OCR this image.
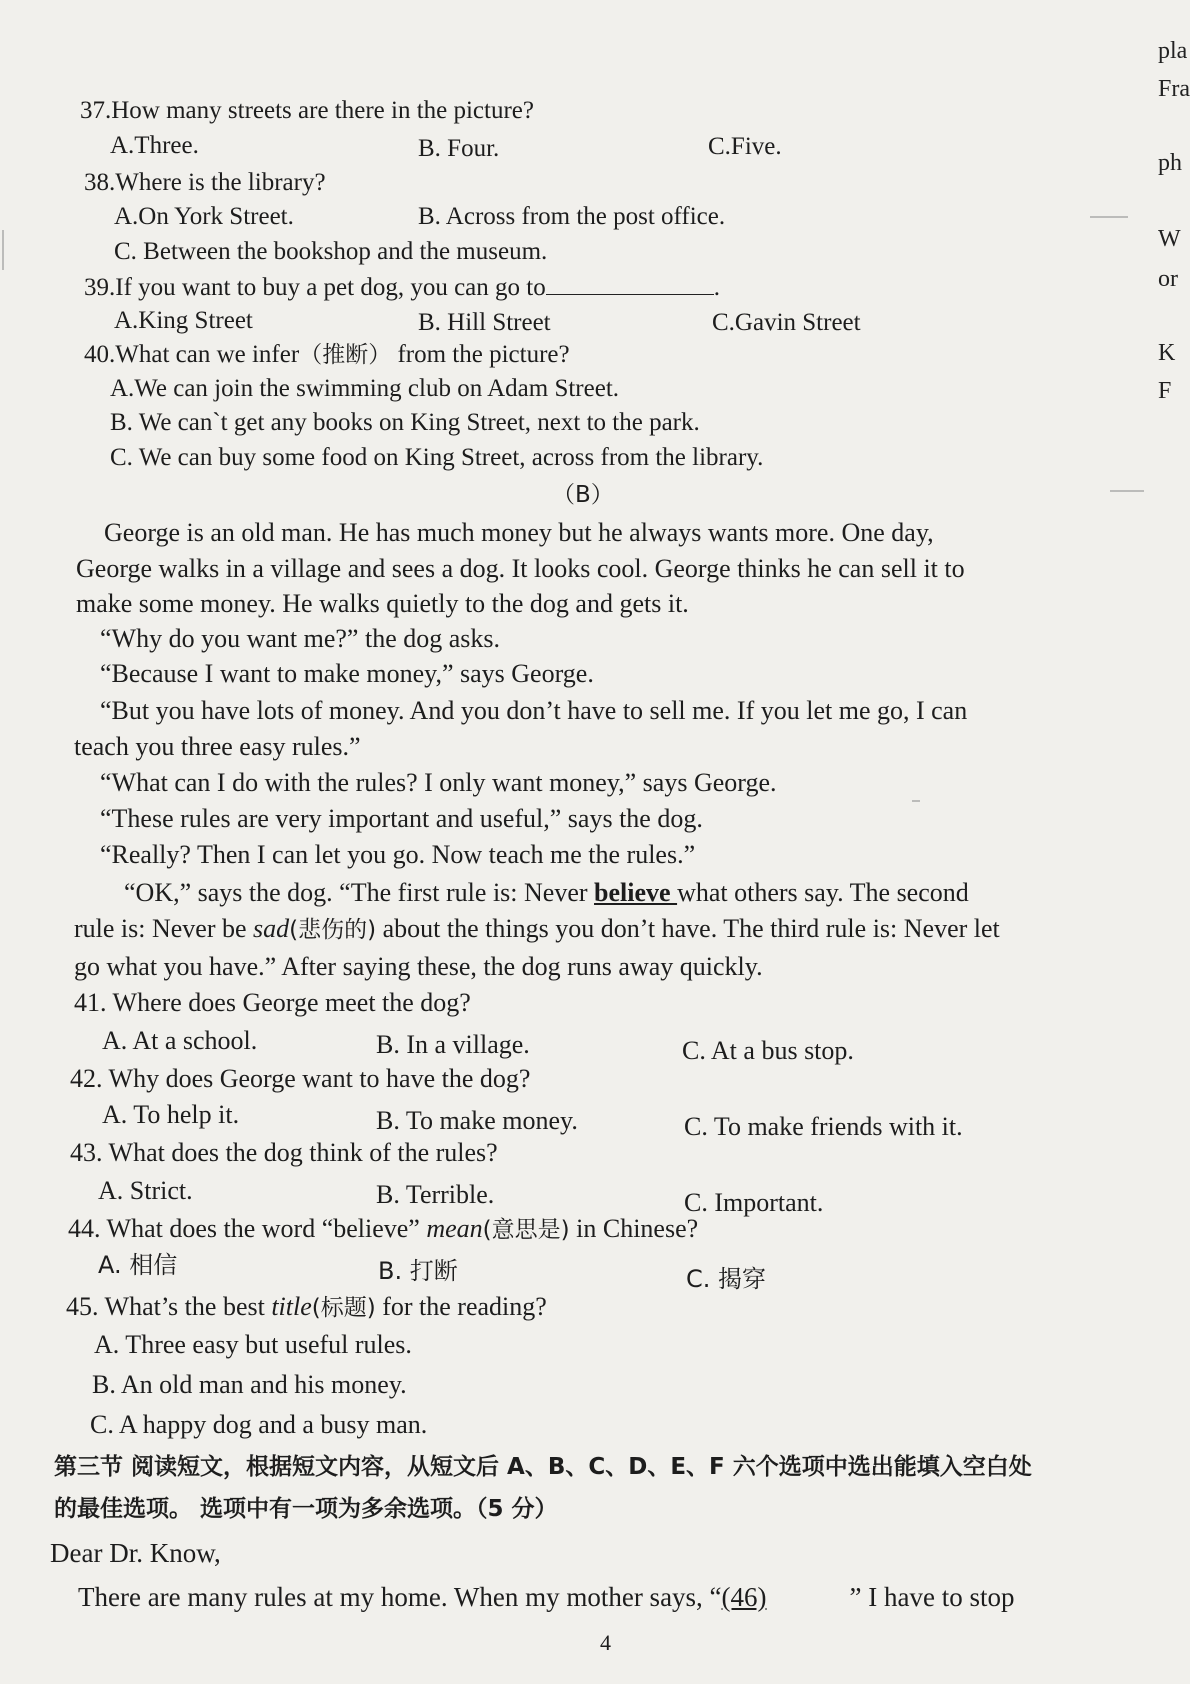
pla
Fra
ph
W
or
K
F
37.How many streets are there in the picture?
A.Three.	B. Four.	C.Five.
38.Where is the library?
A.On York Street.	B. Across from the post office.
C. Between the bookshop and the museum.
39.If you want to buy a pet dog, you can go to	.
A.King Street	B. Hill Street	C.Gavin Street
40.What can we infer（推断） from the picture?
A.We can join the swimming club on Adam Street.
B. We can`t get any books on King Street, next to the park.
C. We can buy some food on King Street, across from the library.
（B）
George is an old man. He has much money but he always wants more. One day,
George walks in a village and sees a dog. It looks cool. George thinks he can sell it to
make some money. He walks quietly to the dog and gets it.
“Why do you want me?” the dog asks.
“Because I want to make money,” says George.
“But you have lots of money. And you don’t have to sell me. If you let me go, I can
teach you three easy rules.”
“What can I do with the rules? I only want money,” says George.
“These rules are very important and useful,” says the dog.
“Really? Then I can let you go. Now teach me the rules.”
“OK,” says the dog. “The first rule is: Never believe what others say. The second
rule is: Never be sad(悲伤的) about the things you don’t have. The third rule is: Never let
go what you have.” After saying these, the dog runs away quickly.
41. Where does George meet the dog?
A. At a school.	B. In a village.	C. At a bus stop.
42. Why does George want to have the dog?
A. To help it.	B. To make money.	C. To make friends with it.
43. What does the dog think of the rules?
A. Strict.	B. Terrible.	C. Important.
44. What does the word “believe” mean(意思是) in Chinese?
A. 相信	B. 打断	C. 揭穿
45. What’s the best title(标题) for the reading?
A. Three easy but useful rules.
B. An old man and his money.
C. A happy dog and a busy man.
第三节 阅读短文，根据短文内容，从短文后 A、B、C、D、E、F 六个选项中选出能填入空白处
的最佳选项。 选项中有一项为多余选项。（5 分）
Dear Dr. Know,
There are many rules at my home. When my mother says, “(46)	” I have to stop
4
